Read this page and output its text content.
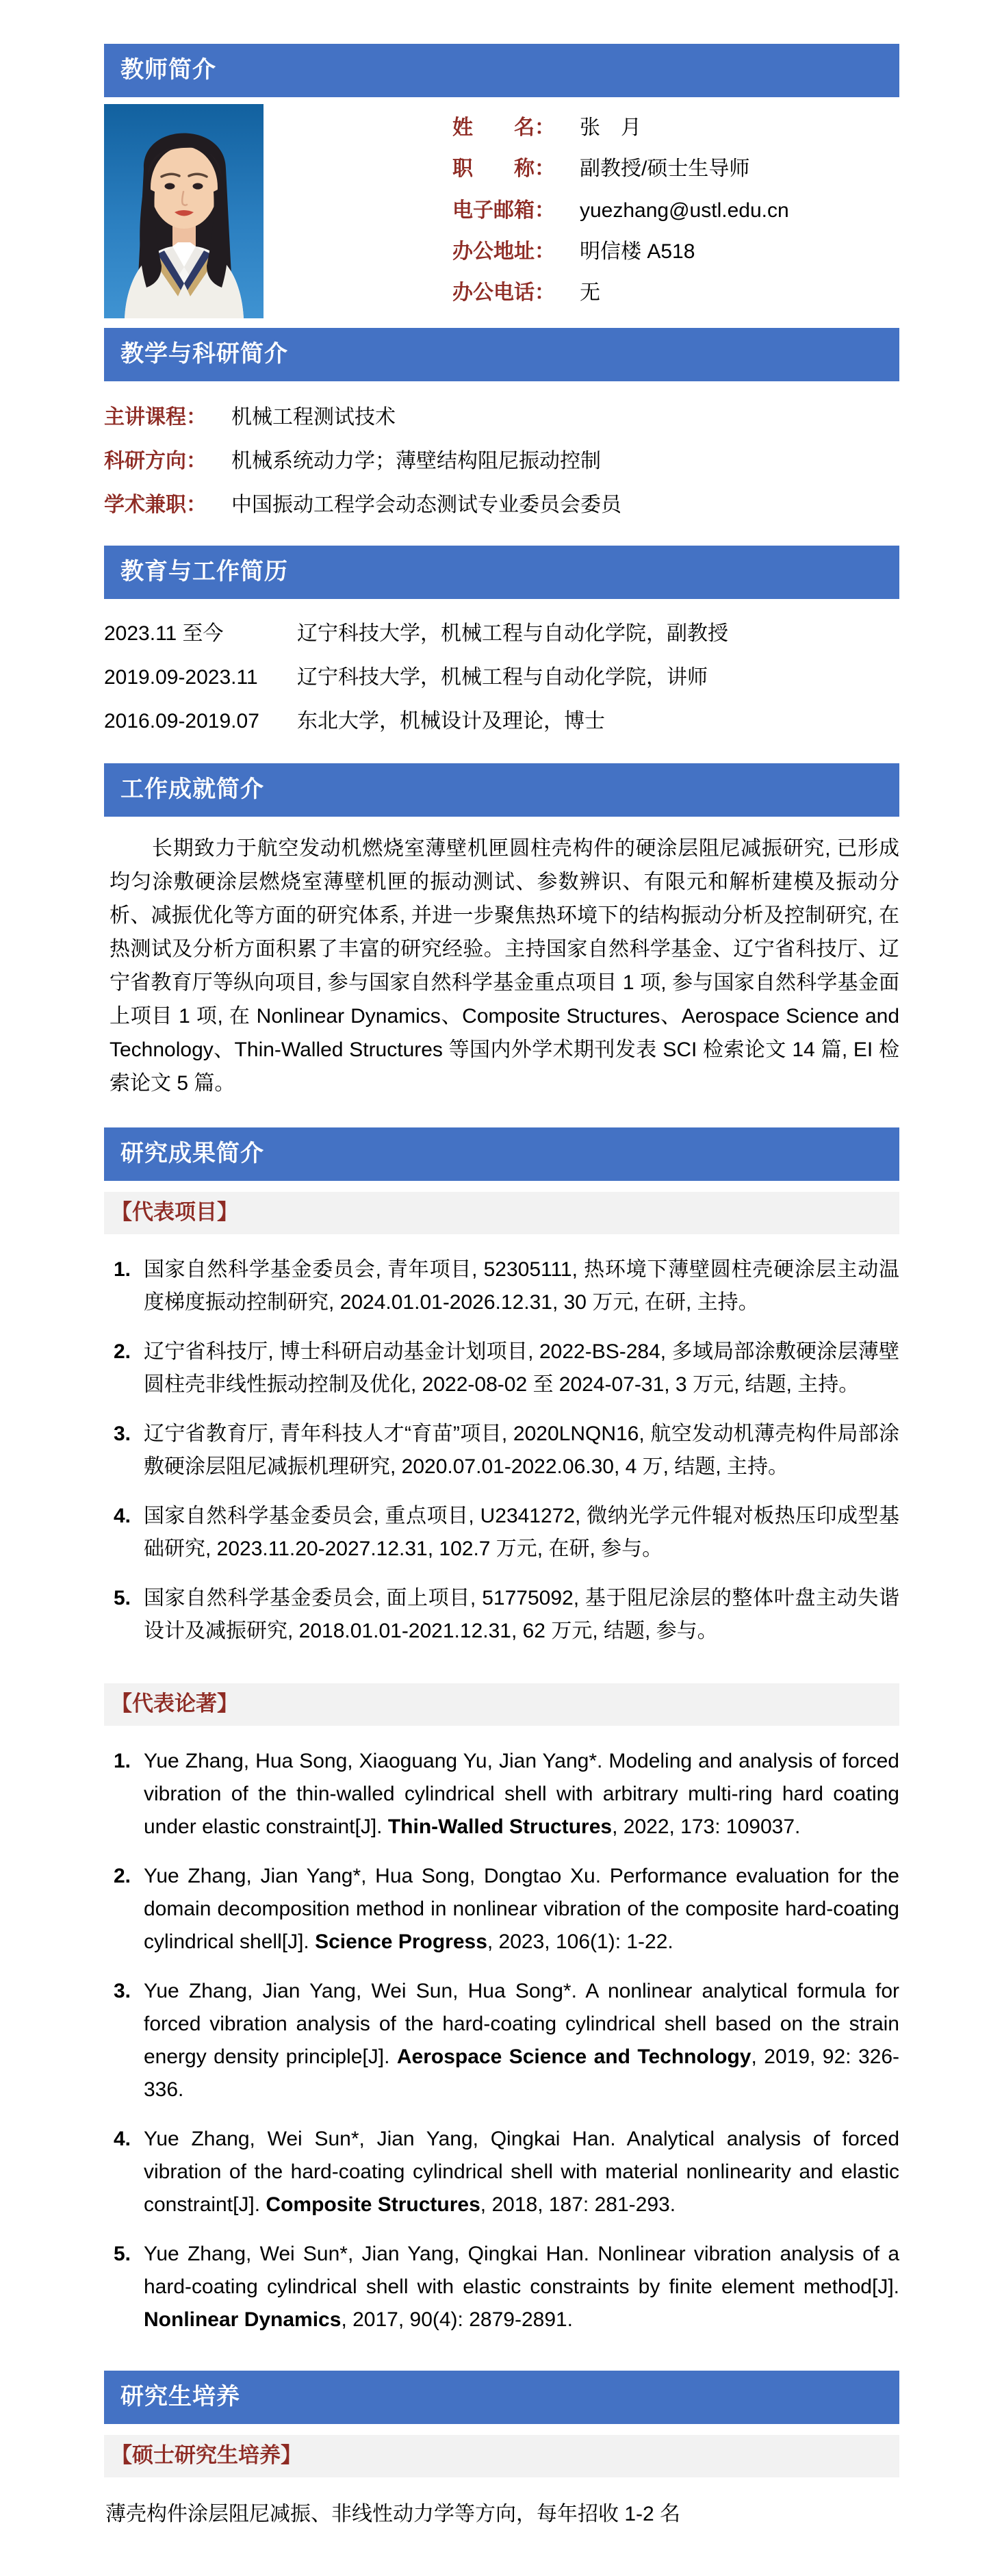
教师简介
姓　　名：	张　月
职　　称：	副教授/硕士生导师
电子邮箱：	yuezhang@ustl.edu.cn
办公地址：	明信楼 A518
办公电话：	无
教学与科研简介
主讲课程：	机械工程测试技术
科研方向：	机械系统动力学；薄壁结构阻尼振动控制
学术兼职：	中国振动工程学会动态测试专业委员会委员
教育与工作简历
2023.11 至今	辽宁科技大学，机械工程与自动化学院，副教授
2019.09-2023.11	辽宁科技大学，机械工程与自动化学院，讲师
2016.09-2019.07	东北大学，机械设计及理论，博士
工作成就简介

长期致力于航空发动机燃烧室薄壁机匣圆柱壳构件的硬涂层阻尼减振研究, 已形成均匀涂敷硬涂层燃烧室薄壁机匣的振动测试、参数辨识、有限元和解析建模及振动分析、减振优化等方面的研究体系, 并进一步聚焦热环境下的结构振动分析及控制研究, 在热测试及分析方面积累了丰富的研究经验。主持国家自然科学基金、辽宁省科技厅、辽宁省教育厅等纵向项目, 参与国家自然科学基金重点项目 1 项, 参与国家自然科学基金面上项目 1 项, 在 Nonlinear Dynamics、Composite Structures、Aerospace Science and Technology、Thin-Walled Structures 等国内外学术期刊发表 SCI 检索论文 14 篇, EI 检索论文 5 篇。

研究成果简介
【代表项目】
1. 国家自然科学基金委员会, 青年项目, 52305111, 热环境下薄壁圆柱壳硬涂层主动温度梯度振动控制研究, 2024.01.01-2026.12.31, 30 万元, 在研, 主持。
2. 辽宁省科技厅, 博士科研启动基金计划项目, 2022-BS-284, 多域局部涂敷硬涂层薄壁圆柱壳非线性振动控制及优化, 2022-08-02 至 2024-07-31, 3 万元, 结题, 主持。
3. 辽宁省教育厅, 青年科技人才“育苗”项目, 2020LNQN16, 航空发动机薄壳构件局部涂敷硬涂层阻尼减振机理研究, 2020.07.01-2022.06.30, 4 万, 结题, 主持。
4. 国家自然科学基金委员会, 重点项目, U2341272, 微纳光学元件辊对板热压印成型基础研究, 2023.11.20-2027.12.31, 102.7 万元, 在研, 参与。
5. 国家自然科学基金委员会, 面上项目, 51775092, 基于阻尼涂层的整体叶盘主动失谐设计及减振研究, 2018.01.01-2021.12.31, 62 万元, 结题, 参与。
【代表论著】
1. Yue Zhang, Hua Song, Xiaoguang Yu, Jian Yang*. Modeling and analysis of forced vibration of the thin-walled cylindrical shell with arbitrary multi-ring hard coating under elastic constraint[J]. Thin-Walled Structures, 2022, 173: 109037.
2. Yue Zhang, Jian Yang*, Hua Song, Dongtao Xu. Performance evaluation for the domain decomposition method in nonlinear vibration of the composite hard-coating cylindrical shell[J]. Science Progress, 2023, 106(1): 1-22.
3. Yue Zhang, Jian Yang, Wei Sun, Hua Song*. A nonlinear analytical formula for forced vibration analysis of the hard-coating cylindrical shell based on the strain energy density principle[J]. Aerospace Science and Technology, 2019, 92: 326-336.
4. Yue Zhang, Wei Sun*, Jian Yang, Qingkai Han. Analytical analysis of forced vibration of the hard-coating cylindrical shell with material nonlinearity and elastic constraint[J]. Composite Structures, 2018, 187: 281-293.
5. Yue Zhang, Wei Sun*, Jian Yang, Qingkai Han. Nonlinear vibration analysis of a hard-coating cylindrical shell with elastic constraints by finite element method[J]. Nonlinear Dynamics, 2017, 90(4): 2879-2891.
研究生培养
【硕士研究生培养】

薄壳构件涂层阻尼减振、非线性动力学等方向，每年招收 1-2 名
